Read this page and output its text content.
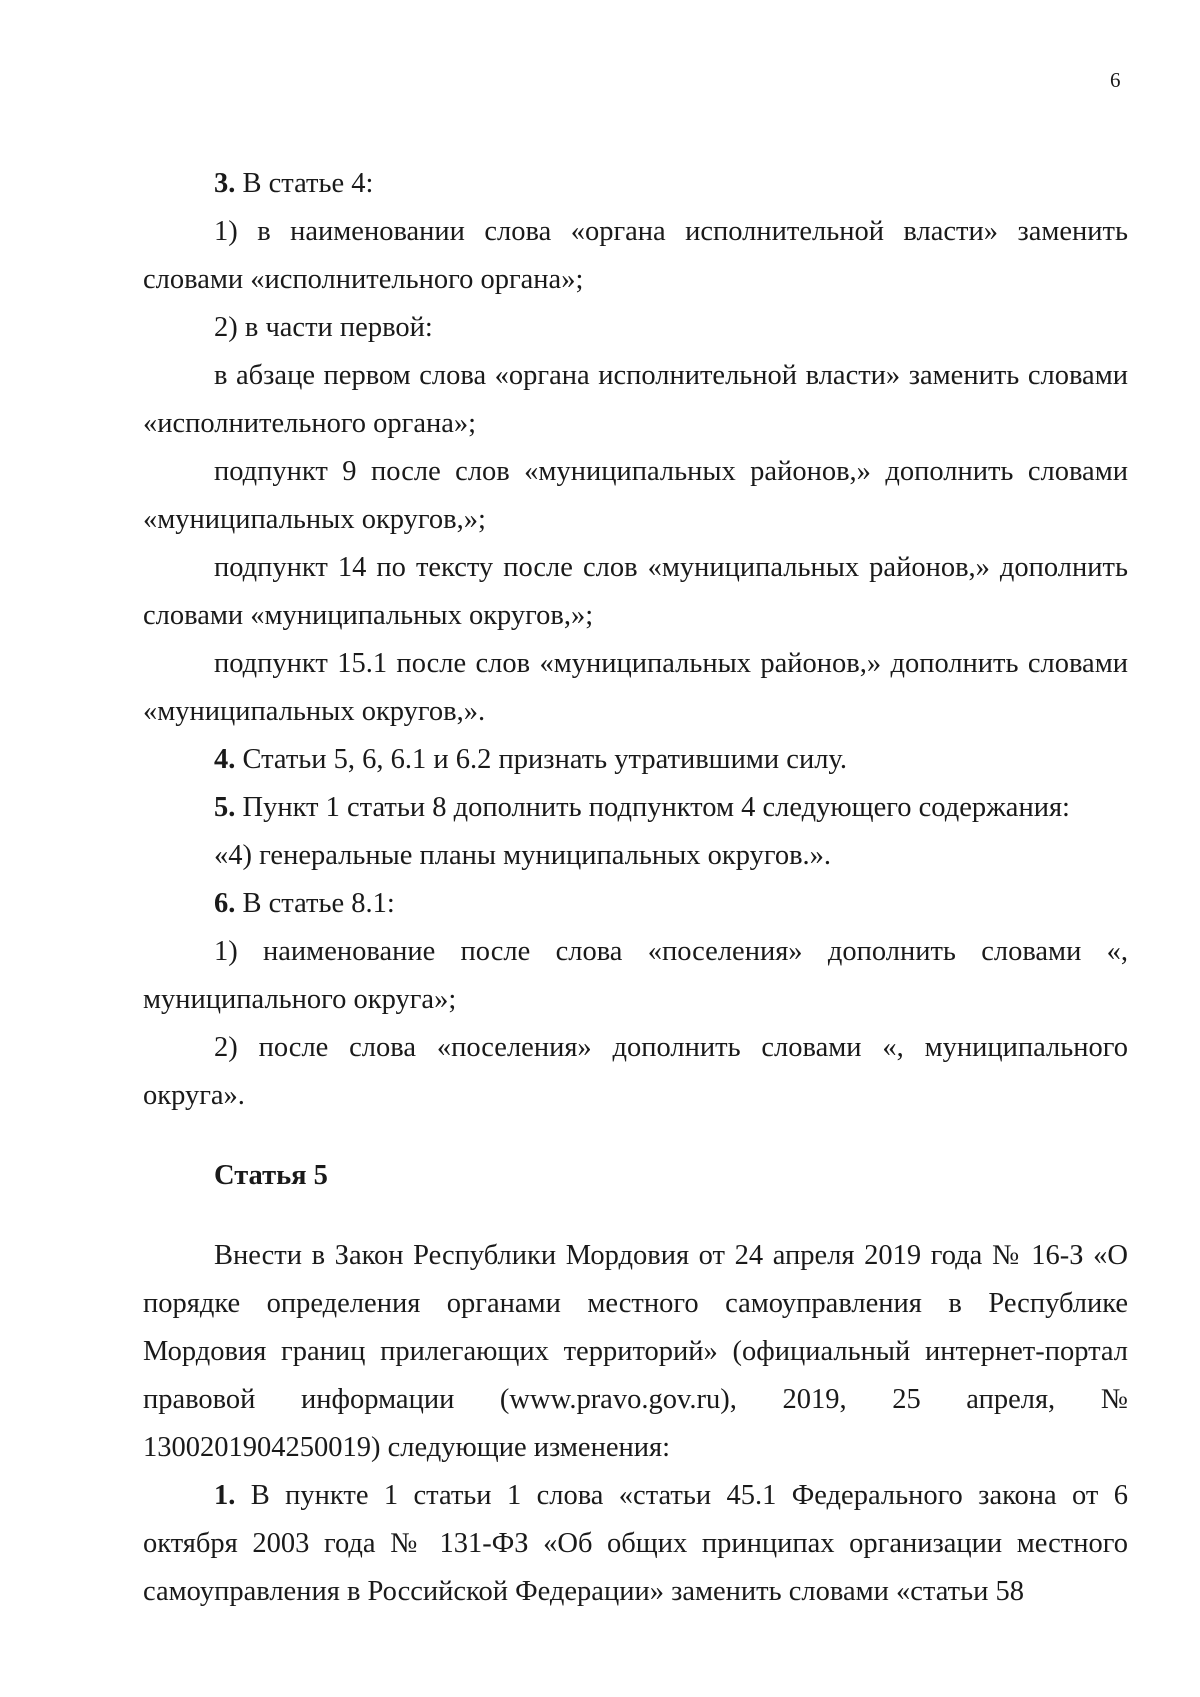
6

3. В статье 4:

1) в наименовании слова «органа исполнительной власти» заменить словами «исполнительного органа»;

2) в части первой:

в абзаце первом слова «органа исполнительной власти» заменить словами «исполнительного органа»;

подпункт 9 после слов «муниципальных районов,» дополнить словами «муниципальных округов,»;

подпункт 14 по тексту после слов «муниципальных районов,» дополнить словами «муниципальных округов,»;

подпункт 15.1 после слов «муниципальных районов,» дополнить словами «муниципальных округов,».

4. Статьи 5, 6, 6.1 и 6.2 признать утратившими силу.

5. Пункт 1 статьи 8 дополнить подпунктом 4 следующего содержания:

«4) генеральные планы муниципальных округов.».

6. В статье 8.1:

1) наименование после слова «поселения» дополнить словами «, муниципального округа»;

2) после слова «поселения» дополнить словами «, муниципального округа».

Статья 5

Внести в Закон Республики Мордовия от 24 апреля 2019 года № 16-З «О порядке определения органами местного самоуправления в Республике Мордовия границ прилегающих территорий» (официальный интернет-портал правовой информации (www.pravo.gov.ru), 2019, 25 апреля, № 1300201904250019) следующие изменения:

1. В пункте 1 статьи 1 слова «статьи 45.1 Федерального закона от 6 октября 2003 года № 131-ФЗ «Об общих принципах организации местного самоуправления в Российской Федерации» заменить словами «статьи 58
